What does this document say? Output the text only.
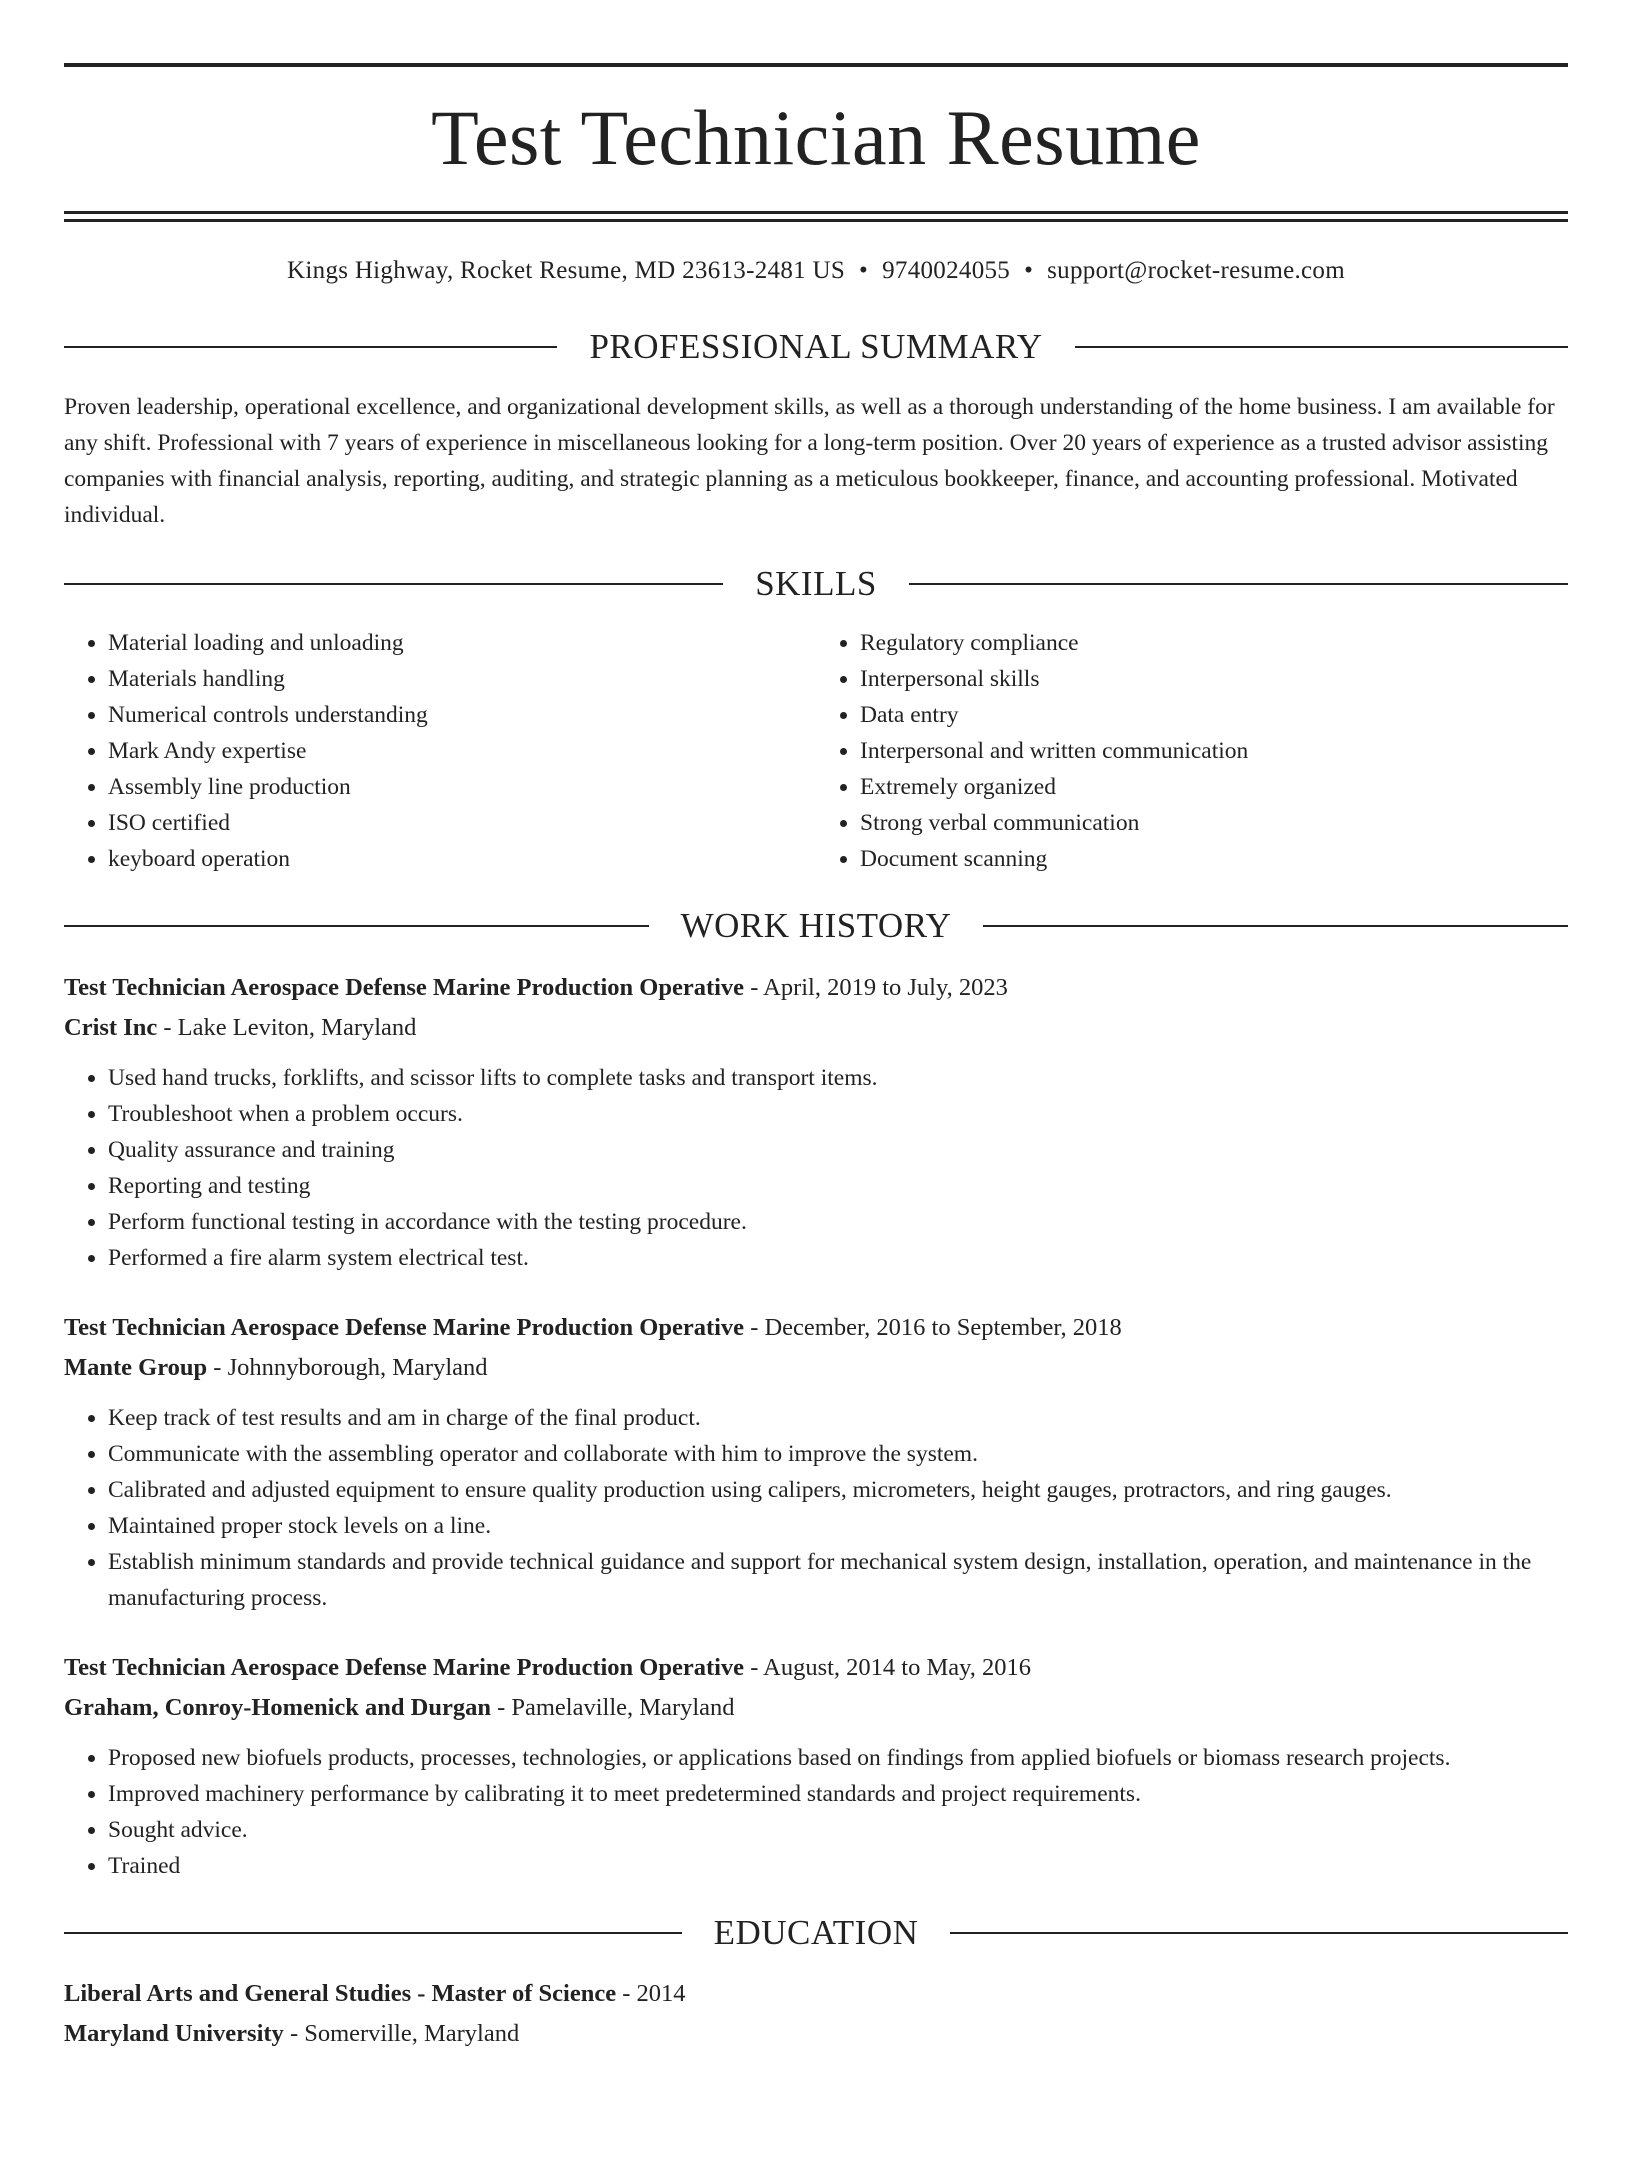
Test Technician Resume
Kings Highway, Rocket Resume, MD 23613-2481 US • 9740024055 • support@rocket-resume.com
PROFESSIONAL SUMMARY

Proven leadership, operational excellence, and organizational development skills, as well as a thorough understanding of the home business. I am available for any shift. Professional with 7 years of experience in miscellaneous looking for a long-term position. Over 20 years of experience as a trusted advisor assisting companies with financial analysis, reporting, auditing, and strategic planning as a meticulous bookkeeper, finance, and accounting professional. Motivated individual.

SKILLS
• Material loading and unloading
• Materials handling
• Numerical controls understanding
• Mark Andy expertise
• Assembly line production
• ISO certified
• keyboard operation
• Regulatory compliance
• Interpersonal skills
• Data entry
• Interpersonal and written communication
• Extremely organized
• Strong verbal communication
• Document scanning
WORK HISTORY
Test Technician Aerospace Defense Marine Production Operative - April, 2019 to July, 2023
Crist Inc - Lake Leviton, Maryland
• Used hand trucks, forklifts, and scissor lifts to complete tasks and transport items.
• Troubleshoot when a problem occurs.
• Quality assurance and training
• Reporting and testing
• Perform functional testing in accordance with the testing procedure.
• Performed a fire alarm system electrical test.
Test Technician Aerospace Defense Marine Production Operative - December, 2016 to September, 2018
Mante Group - Johnnyborough, Maryland
• Keep track of test results and am in charge of the final product.
• Communicate with the assembling operator and collaborate with him to improve the system.
• Calibrated and adjusted equipment to ensure quality production using calipers, micrometers, height gauges, protractors, and ring gauges.
• Maintained proper stock levels on a line.
• Establish minimum standards and provide technical guidance and support for mechanical system design, installation, operation, and maintenance in the manufacturing process.
Test Technician Aerospace Defense Marine Production Operative - August, 2014 to May, 2016
Graham, Conroy-Homenick and Durgan - Pamelaville, Maryland
• Proposed new biofuels products, processes, technologies, or applications based on findings from applied biofuels or biomass research projects.
• Improved machinery performance by calibrating it to meet predetermined standards and project requirements.
• Sought advice.
• Trained
EDUCATION
Liberal Arts and General Studies - Master of Science - 2014
Maryland University - Somerville, Maryland
